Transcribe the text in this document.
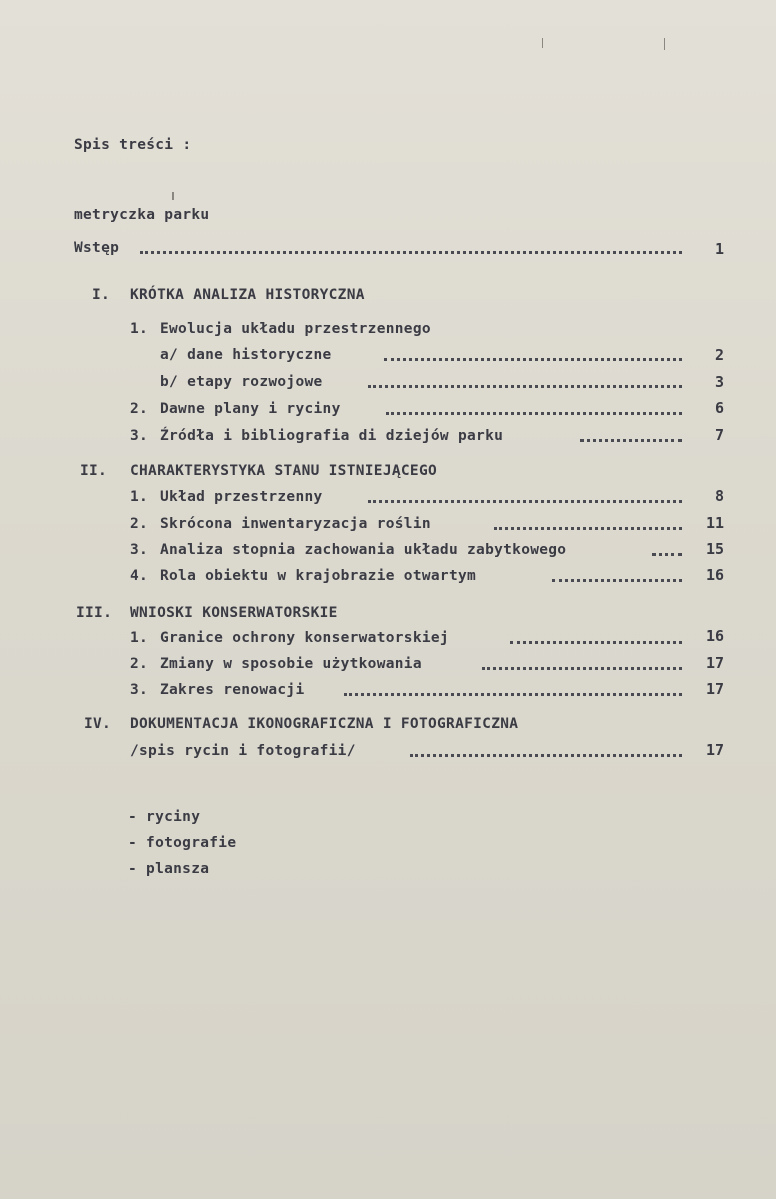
Spis treści :
metryczka parku
Wstęp	1
I. KRÓTKA ANALIZA HISTORYCZNA
1. Ewolucja układu przestrzennego
a/ dane historyczne	2
b/ etapy rozwojowe	3
2. Dawne plany i ryciny	6
3. Źródła i bibliografia di dziejów parku	7
II. CHARAKTERYSTYKA STANU ISTNIEJĄCEGO
1. Układ przestrzenny	8
2. Skrócona inwentaryzacja roślin	11
3. Analiza stopnia zachowania układu zabytkowego	15
4. Rola obiektu w krajobrazie otwartym	16
III. WNIOSKI KONSERWATORSKIE
1. Granice ochrony konserwatorskiej	16
2. Zmiany w sposobie użytkowania	17
3. Zakres renowacji	17
IV. DOKUMENTACJA IKONOGRAFICZNA I FOTOGRAFICZNA
/spis rycin i fotografii/	17
- ryciny
- fotografie
- plansza
